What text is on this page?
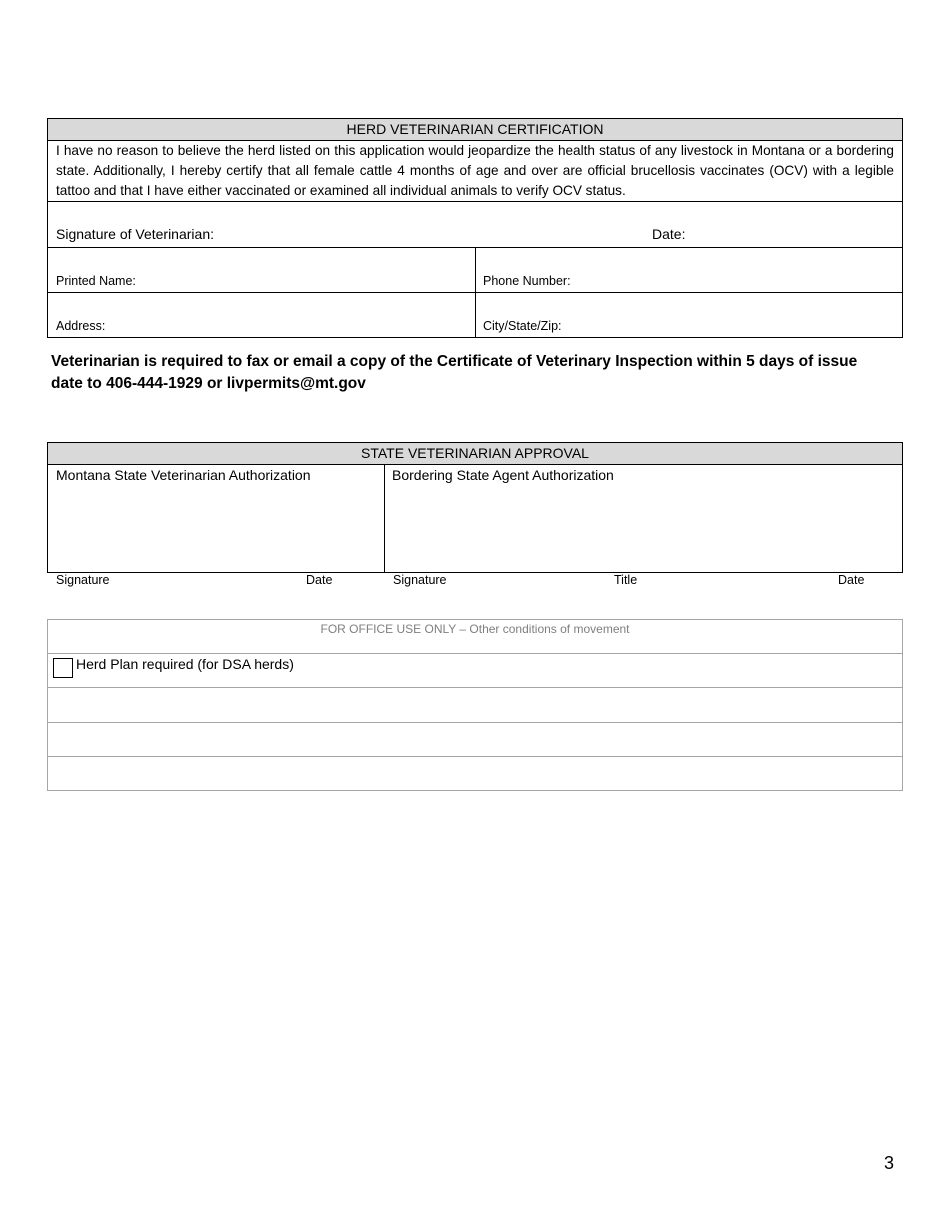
HERD VETERINARIAN CERTIFICATION
I have no reason to believe the herd listed on this application would jeopardize the health status of any livestock in Montana or a bordering state. Additionally, I hereby certify that all female cattle 4 months of age and over are official brucellosis vaccinates (OCV) with a legible tattoo and that I have either vaccinated or examined all individual animals to verify OCV status.
Signature of Veterinarian:	Date:
Printed Name:	Phone Number:
Address:	City/State/Zip:
Veterinarian is required to fax or email a copy of the Certificate of Veterinary Inspection within 5 days of issue
date to 406-444-1929 or livpermits@mt.gov
STATE VETERINARIAN APPROVAL
Montana State Veterinarian Authorization	Bordering State Agent Authorization
Signature	Date	Signature	Title	Date
FOR OFFICE USE ONLY – Other conditions of movement
Herd Plan required (for DSA herds)
3
